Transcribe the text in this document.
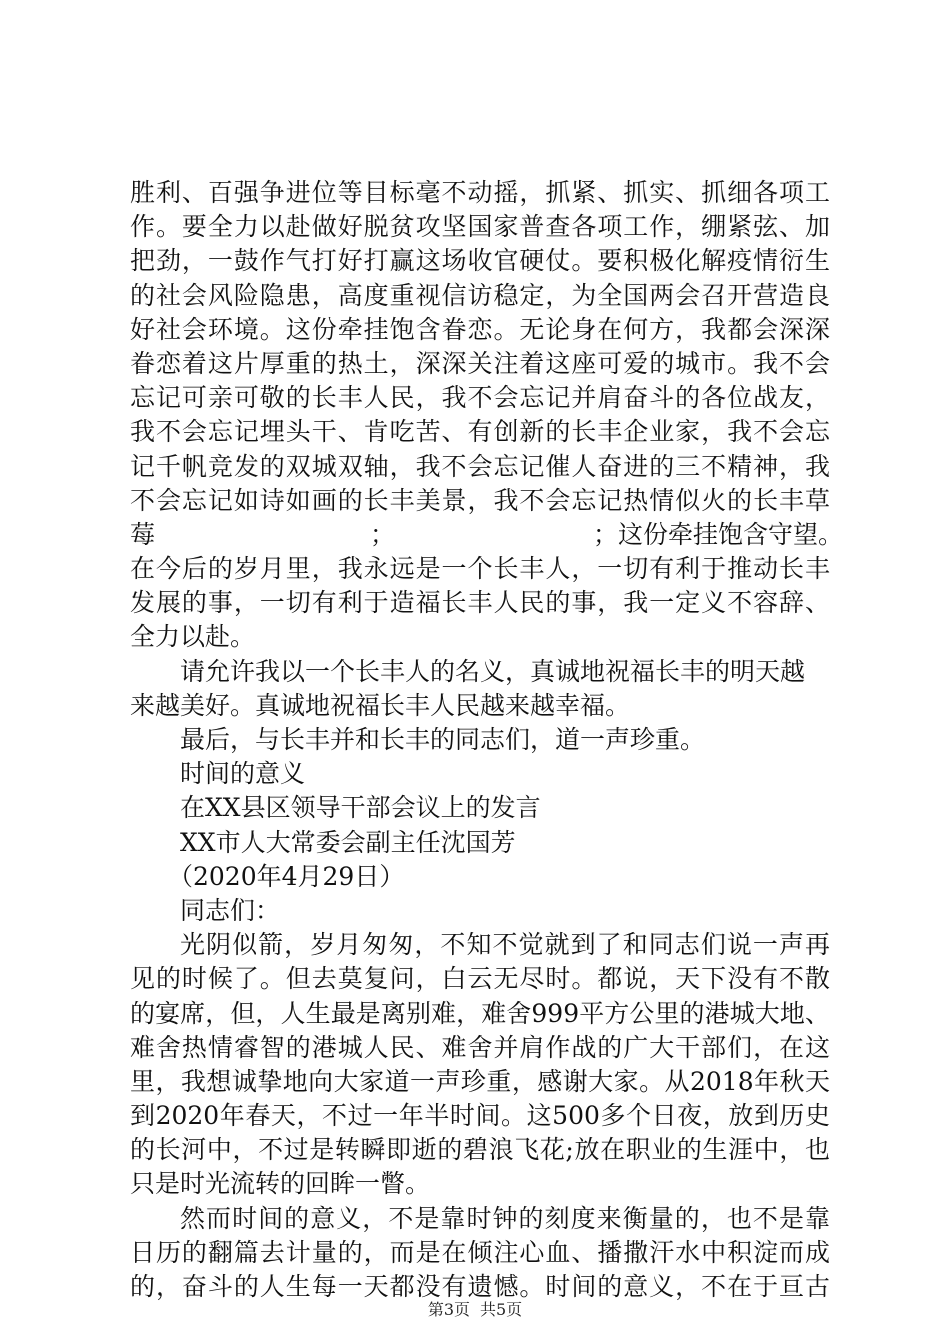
胜利、百强争进位等目标毫不动摇，抓紧、抓实、抓细各项工
作。要全力以赴做好脱贫攻坚国家普查各项工作，绷紧弦、加
把劲，一鼓作气打好打赢这场收官硬仗。要积极化解疫情衍生
的社会风险隐患，高度重视信访稳定，为全国两会召开营造良
好社会环境。这份牵挂饱含眷恋。无论身在何方，我都会深深
眷恋着这片厚重的热土，深深关注着这座可爱的城市。我不会
忘记可亲可敬的长丰人民，我不会忘记并肩奋斗的各位战友，
我不会忘记埋头干、肯吃苦、有创新的长丰企业家，我不会忘
记千帆竞发的双城双轴，我不会忘记催人奋进的三不精神，我
不会忘记如诗如画的长丰美景，我不会忘记热情似火的长丰草
莓	；	；这份牵挂饱含守望。
在今后的岁月里，我永远是一个长丰人，一切有利于推动长丰
发展的事，一切有利于造福长丰人民的事，我一定义不容辞、
全力以赴。
请允许我以一个长丰人的名义，真诚地祝福长丰的明天越
来越美好。真诚地祝福长丰人民越来越幸福。
最后，与长丰并和长丰的同志们，道一声珍重。
时间的意义
在XX县区领导干部会议上的发言
XX市人大常委会副主任沈国芳
（2020年4月29日）
同志们：
光阴似箭，岁月匆匆，不知不觉就到了和同志们说一声再
见的时候了。但去莫复问，白云无尽时。都说，天下没有不散
的宴席，但，人生最是离别难，难舍999平方公里的港城大地、
难舍热情睿智的港城人民、难舍并肩作战的广大干部们，在这
里，我想诚挚地向大家道一声珍重，感谢大家。从2018年秋天
到2020年春天，不过一年半时间。这500多个日夜，放到历史
的长河中，不过是转瞬即逝的碧浪飞花;放在职业的生涯中，也
只是时光流转的回眸一瞥。
然而时间的意义，不是靠时钟的刻度来衡量的，也不是靠
日历的翻篇去计量的，而是在倾注心血、播撒汗水中积淀而成
的，奋斗的人生每一天都没有遗憾。时间的意义，不在于亘古
第3页 共5页
